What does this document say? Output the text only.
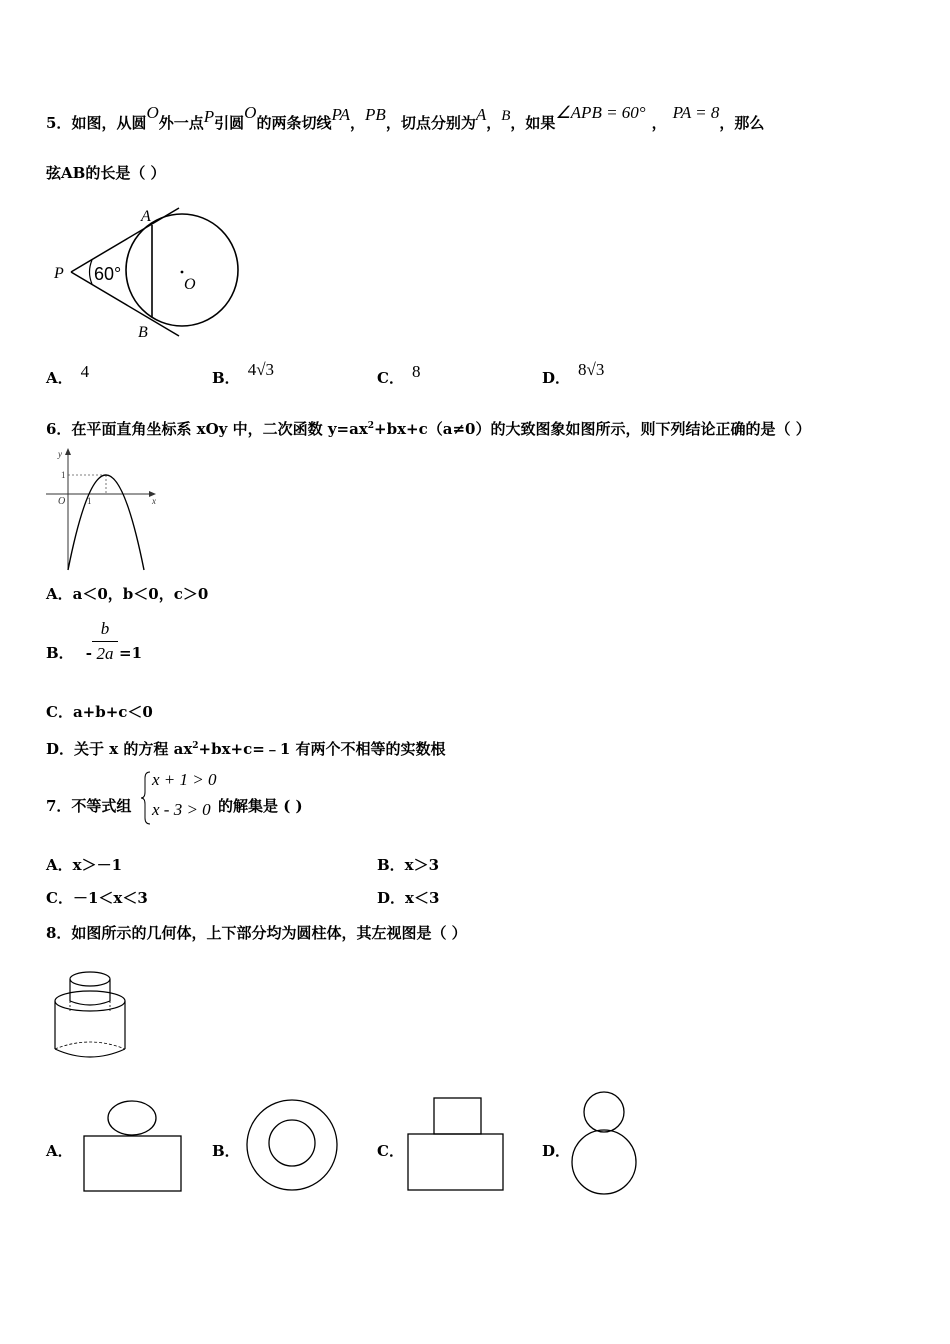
5．如图，从圆O外一点P引圆O的两条切线PA，PB，切点分别为A，B，如果∠APB = 60°，PA = 8，那么
弦AB的长是（ ）
A
B
P
O
60°
A． 4	B． 4√3	C． 8	D． 8√3
6．在平面直角坐标系 xOy 中，二次函数 $y=ax^2+bx+c(a\ne 0)$的大致图象如图所示，则下列结论正确的是（ ）
y
x
O
1
1
A．a＜0，b＜0，c＞0
B． -
b
2a =1
C．a+b+c＜0
D．关于 x 的方程 $ax^2+bx+c=﹣1$ 有两个不相等的实数根
7．不等式组
x + 1 > 0
x - 3 > 0 的解集是 ( )
A．x＞－1	B．x＞3
C．－1＜x＜3	D．x＜3
8．如图所示的几何体，上下部分均为圆柱体，其左视图是（ ）
A．	B．	C．	D．
